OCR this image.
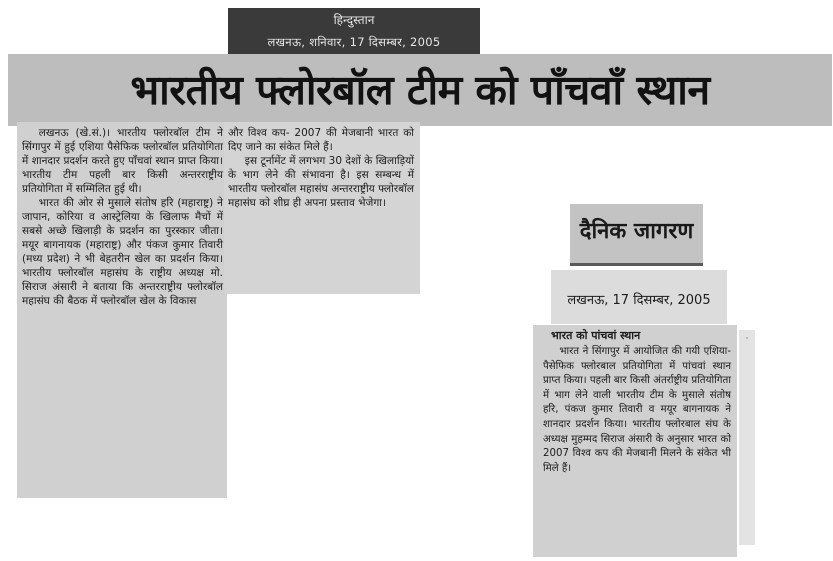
हिन्दुस्तान
लखनऊ, शनिवार, 17 दिसम्बर, 2005
भारतीय फ्लोरबॉल टीम को पाँचवाँ स्थान

लखनऊ (खे.सं.)। भारतीय फ्लोरबॉल टीम ने सिंगापुर में हुई एशिया पैसेफिक फ्लोरबॉल प्रतियोगिता में शानदार प्रदर्शन करते हुए पाँचवां स्थान प्राप्त किया। भारतीय टीम पहली बार किसी अन्तरराष्ट्रीय प्रतियोगिता में सम्मिलित हुई थी।

भारत की ओर से मुसाले संतोष हरि (महाराष्ट्र) ने जापान, कोरिया व आस्ट्रेलिया के खिलाफ मैचों में सबसे अच्छे खिलाड़ी के प्रदर्शन का पुरस्कार जीता। मयूर बागनायक (महाराष्ट्र) और पंकज कुमार तिवारी (मध्य प्रदेश) ने भी बेहतरीन खेल का प्रदर्शन किया। भारतीय फ्लोरबॉल महासंघ के राष्ट्रीय अध्यक्ष मो. सिराज अंसारी ने बताया कि अन्तरराष्ट्रीय फ्लोरबॉल महासंघ की बैठक में फ्लोरबॉल खेल के विकास

और विश्व कप- 2007 की मेजबानी भारत को दिए जाने का संकेत मिले हैं।

इस टूर्नामेंट में लगभग 30 देशों के खिलाड़ियों के भाग लेने की संभावना है। इस सम्बन्ध में भारतीय फ्लोरबॉल महासंघ अन्तरराष्ट्रीय फ्लोरबॉल महासंघ को शीघ्र ही अपना प्रस्ताव भेजेगा।

दैनिक जागरण
लखनऊ, 17 दिसम्बर, 2005
भारत को पांचवां स्थान

भारत ने सिंगापुर में आयोजित की गयी एशिया-पैसेफिक फ्लोरबाल प्रतियोगिता में पांचवां स्थान प्राप्त किया। पहली बार किसी अंतर्राष्ट्रीय प्रतियोगिता में भाग लेने वाली भारतीय टीम के मुसाले संतोष हरि, पंकज कुमार तिवारी व मयूर बागनायक ने शानदार प्रदर्शन किया। भारतीय फ्लोरबाल संघ के अध्यक्ष मुहम्मद सिराज अंसारी के अनुसार भारत को 2007 विश्व कप की मेजबानी मिलने के संकेत भी मिले हैं।

·
